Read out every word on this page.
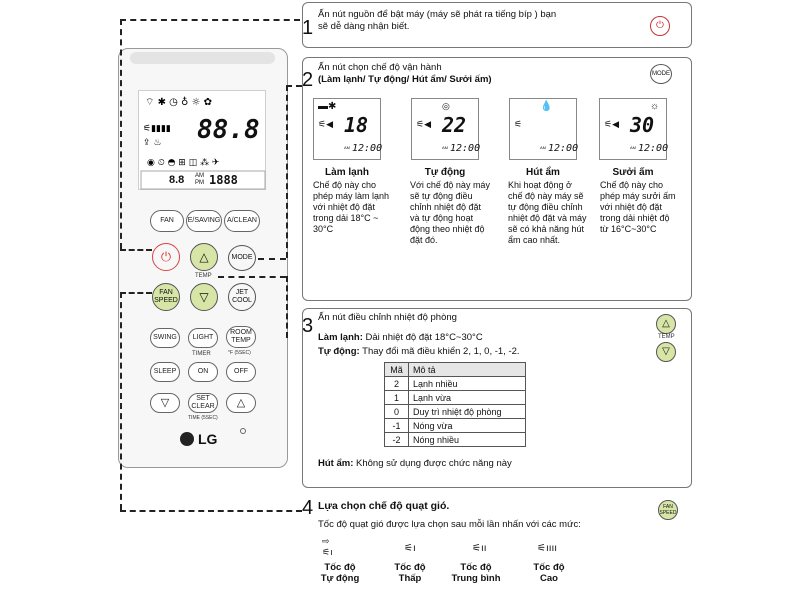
⌔ ✱ ◷ ♁ ☼ ✿
⚟▮▮▮▮
⇪ ♨
◉ ⏲ ◓ ⊞ ◫ ⁂ ✈
88.8
8.8 AM
PM 1888
FAN	E/SAVING A/CLEAN
⏻ △	MODE
TEMP
FAN SPEED ▽	JET COOL
SWING	LIGHT
ROOM TEMP
°F (5SEC)
TIMER
SLEEP	ON	OFF
▽	SET CLEAR	△
TIME (5SEC)
LG
1
Ấn nút nguồn để bật máy (máy sẽ phát ra tiếng bíp ) bạn
sẽ dễ dàng nhận biết.	⏻
2
Ấn nút chọn chế độ vận hành
(Làm lạnh/ Tự động/ Hút ẩm/ Sưởi ấm)	MODE
▬✱
⚟◀ 18
AM 12:00
◎
⚟◀ 22
AM 12:00
💧
⚟
AM 12:00
☼
⚟◀ 30
AM 12:00
Làm lạnh	Tự động	Hút ẩm	Sưởi ấm
Chế độ này cho phép máy làm lạnh với nhiệt độ đặt trong dải 18°C ~ 30°C
Với chế độ này máy sẽ tự động điều chỉnh nhiệt độ đặt và tự động hoạt động theo nhiệt độ đặt đó.
Khi hoạt động ở chế độ này máy sẽ tự động điều chỉnh nhiệt độ đặt và máy sẽ có khả năng hút ẩm cao nhất.
Chế độ này cho phép máy sưởi ấm với nhiệt độ đặt trong dải nhiệt độ từ 16°C~30°C
3 Ấn nút điều chỉnh nhiệt độ phòng
Làm lạnh: Dải nhiệt độ đặt 18°C~30°C
Tự động: Thay đổi mã điều khiển 2, 1, 0, -1, -2.
Mã	Mô tả
2	Lạnh nhiều
1	Lạnh vừa
0	Duy trì nhiệt độ phòng
-1	Nóng vừa
-2	Nóng nhiều
Hút ẩm: Không sử dụng được chức năng này
△
TEMP
▽
4 Lựa chọn chế độ quạt gió.
Tốc độ quạt gió được lựa chọn sau mỗi lần nhấn với các mức:
FAN SPEED
⇨
⚟ı	⚟ı	⚟ıı	⚟ıııı
Tốc độ
Tự động
Tốc độ
Thấp
Tốc độ
Trung bình
Tốc độ
Cao
